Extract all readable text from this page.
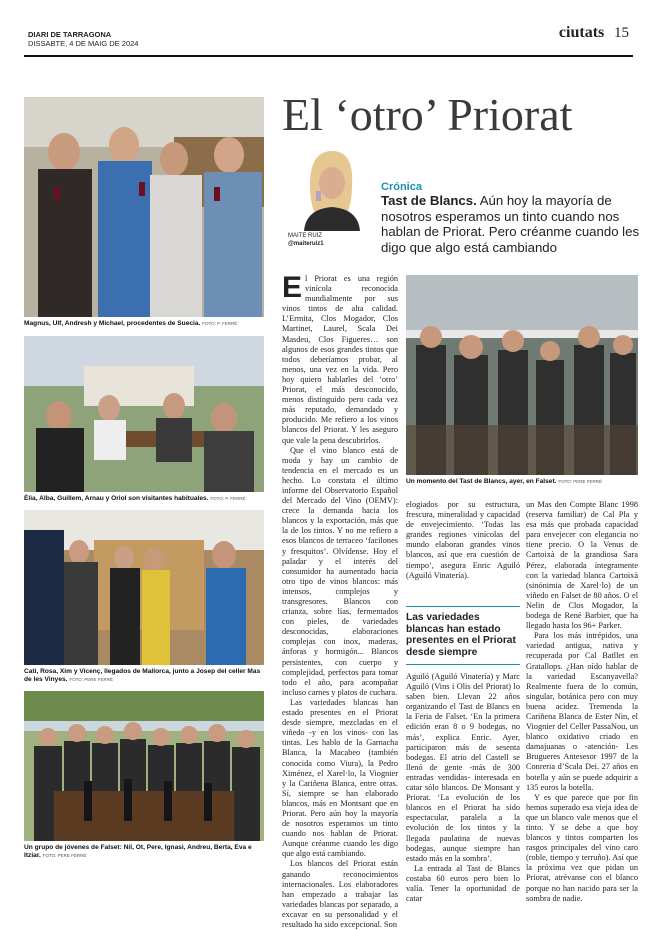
DIARI DE TARRAGONA
DISSABTE, 4 DE MAIG DE 2024
ciutats 15
El ‘otro’ Priorat
Magnus, Ulf, Andresh y Michael, procedentes de Suecia. FOTO: P. FERRÉ
Èlia, Alba, Guillem, Arnau y Oriol son visitantes habituales. FOTO: P. FERRÉ
Cati, Rosa, Xim y Vicenç, llegados de Mallorca, junto a Josep del celler Mas de les Vinyes. FOTO: PERE FERRÉ
Un grupo de jóvenes de Falset: Nil, Ot, Pere, Ignasi, Andreu, Berta, Eva e Itziar. FOTO: PERE FERRÉ
MAITE RUIZ
@maiteruiz1
Crónica
Tast de Blancs. Aún hoy la mayoría de nosotros esperamos un tinto cuando nos hablan de Priorat. Pero créanme cuando les digo que algo está cambiando

El Priorat es una región vinícola reconocida mundialmente por sus vinos tintos de alta calidad. L’Ermita, Clos Mogador, Clos Martinet, Laurel, Scala Dei Masdeu, Clos Figueres… son algunos de esos grandes tintos que todos deberíamos probar, al menos, una vez en la vida. Pero hoy quiero hablarles del ‘otro’ Priorat, el más desconocido, menos distinguido pero cada vez más reputado, demandado y producido. Me refiero a los vinos blancos del Priorat. Y les aseguro que vale la pena descubrirlos.

Que el vino blanco está de moda y hay un cambio de tendencia en el mercado es un hecho. Lo constata el último informe del Observatorio Español del Mercado del Vino (OEMV): crece la demanda hacia los blancos y la exportación, más que la de los tintos. Y no me refiero a esos blancos de terraceo ‘facilones y fresquitos’. Olvídense. Hoy el paladar y el interés del consumidor ha aumentado hacia otro tipo de vinos blancos: más intensos, complejos y transgresores. Blancos con crianza, sobre lías, fermentados con pieles, de variedades desconocidas, elaboraciones complejas con inox, maderas, ánforas y hormigón... Blancos persistentes, con cuerpo y complejidad, perfectos para tomar todo el año, para acompañar incluso carnes y platos de cuchara.

Las variedades blancas han estado presentes en el Priorat desde siempre, mezcladas en el viñedo -y en los vinos- con las tintas. Les hablo de la Garnacha Blanca, la Macabeo (también conocida como Viura), la Pedro Ximénez, el Xarel·lo, la Viognier y la Cariñena Blanca, entre otras. Sí, siempre se han elaborado blancos, más en Montsant que en Priorat. Pero aún hoy la mayoría de nosotros esperamos un tinto cuando nos hablan de Priorat. Aunque créanme cuando les digo que algo está cambiando.

Los blancos del Priorat están ganando reconocimientos internacionales. Los elaboradores han empezado a trabajar las variedades blancas por separado, a excavar en su personalidad y el resultado ha sido excepcional. Son

Un momento del Tast de Blancs, ayer, en Falset. FOTO: PERE FERRÉ

elogiados por su estructura, frescura, mineralidad y capacidad de envejecimiento. ‘Todas las grandes regiones vinícolas del mundo elaboran grandes vinos blancos, así que era cuestión de tiempo’, asegura Enric Aguiló (Aguiló Vinatería).

Las variedades blancas han estado presentes en el Priorat desde siempre

Aguiló (Aguiló Vinatería) y Marc Aguiló (Vins i Olis del Priorat) lo saben bien. Llevan 22 años organizando el Tast de Blancs en la Feria de Falset. ‘En la primera edición eran 8 o 9 bodegas, no más’, explica Enric. Ayer, participaron más de sesenta bodegas. El atrio del Castell se llenó de gente -más de 300 entradas vendidas- interesada en catar sólo blancos. De Monsant y Priorat. ‘La evolución de los blancos en el Priorat ha sido espectacular, paralela a la evolución de los tintos y la llegada paulatina de nuevas bodegas, aunque siempre han estado más en la sombra’.

La entrada al Tast de Blancs costaba 60 euros pero bien lo valía. Tener la oportunidad de catar

un Mas den Compte Blanc 1998 (reserva familiar) de Cal Pla y esa más que probada capacidad para envejecer con elegancia no tiene precio. O la Venus de Cartoixà de la grandiosa Sara Pérez, elaborada íntegramente con la variedad blanca Cartoixà (sinónimia de Xarel·lo) de un viñedo en Falset de 80 años. O el Nelin de Clos Mogador, la bodega de René Barbier, que ha llegado hasta los 96+ Parker.

Para los más intrépidos, una variedad antigua, nativa y recuperada por Cal Batllet en Gratallops. ¿Han oído hablar de la variedad Escanyavella? Realmente fuera de lo común, singular, botánica pero con muy buena acidez. Tremenda la Cariñena Blanca de Ester Nin, el Viognier del Celler PassaNou, un blanco oxidativo criado en damajuanas o -atención- Les Brugueres Antesesor 1997 de la Conreria d’Scala Dei. 27 años en botella y aún se puede adquirir a 135 euros la botella.

Y es que parece que por fin hemos superado esa vieja idea de que un blanco vale menos que el tinto. Y se debe a que hoy blancos y tintos comparten los rasgos principales del vino caro (roble, tiempo y terruño). Así que la próxima vez que pidan un Priorat, atrévanse con el blanco porque no han nacido para ser la sombra de nadie.
